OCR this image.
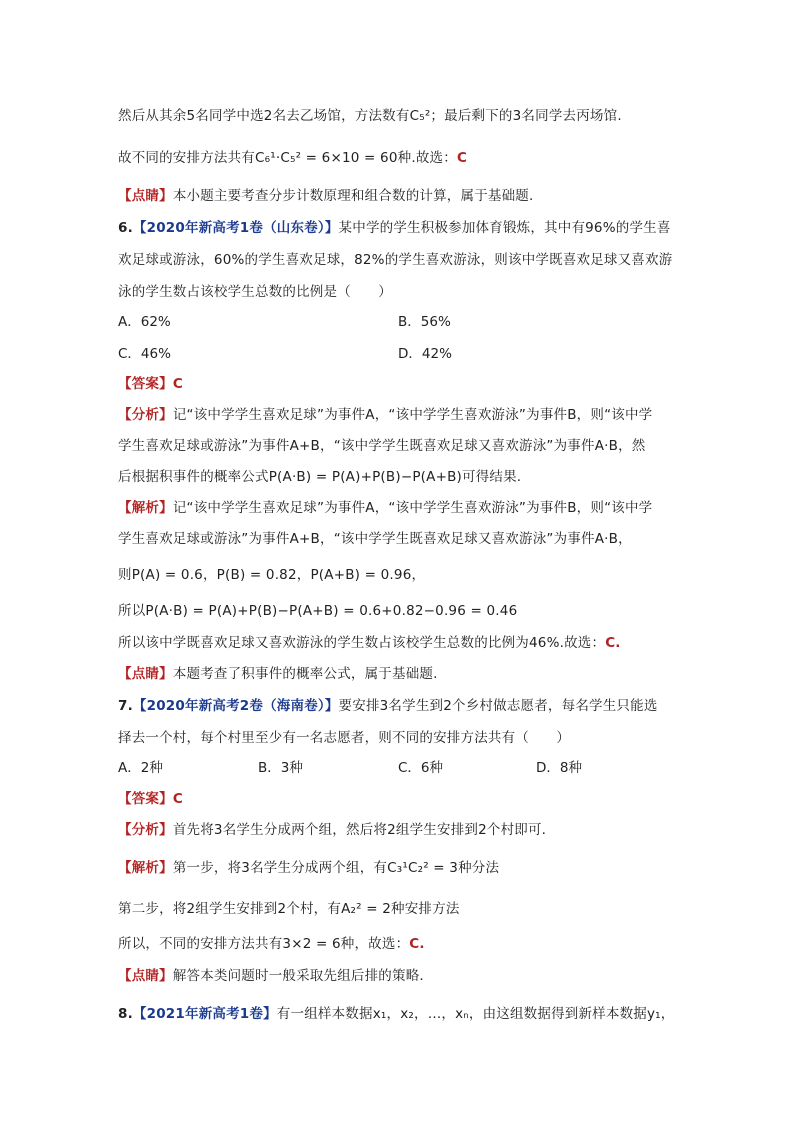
然后从其余5名同学中选2名去乙场馆，方法数有C₅²；最后剩下的3名同学去丙场馆.
故不同的安排方法共有C₆¹·C₅² = 6×10 = 60种.故选：C
【点睛】本小题主要考查分步计数原理和组合数的计算，属于基础题.
6.【2020年新高考1卷（山东卷）】某中学的学生积极参加体育锻炼，其中有96%的学生喜
欢足球或游泳，60%的学生喜欢足球，82%的学生喜欢游泳，则该中学既喜欢足球又喜欢游
泳的学生数占该校学生总数的比例是（　　）
A．62%	B．56%
C．46%	D．42%
【答案】C
【分析】记“该中学学生喜欢足球”为事件A，“该中学学生喜欢游泳”为事件B，则“该中学
学生喜欢足球或游泳”为事件A+B，“该中学学生既喜欢足球又喜欢游泳”为事件A·B，然
后根据积事件的概率公式P(A·B) = P(A)+P(B)−P(A+B)可得结果.
【解析】记“该中学学生喜欢足球”为事件A，“该中学学生喜欢游泳”为事件B，则“该中学
学生喜欢足球或游泳”为事件A+B，“该中学学生既喜欢足球又喜欢游泳”为事件A·B，
则P(A) = 0.6，P(B) = 0.82，P(A+B) = 0.96，
所以P(A·B) = P(A)+P(B)−P(A+B) = 0.6+0.82−0.96 = 0.46
所以该中学既喜欢足球又喜欢游泳的学生数占该校学生总数的比例为46%.故选：C.
【点睛】本题考查了积事件的概率公式，属于基础题.
7.【2020年新高考2卷（海南卷）】要安排3名学生到2个乡村做志愿者，每名学生只能选
择去一个村，每个村里至少有一名志愿者，则不同的安排方法共有（　　）
A．2种	B．3种	C．6种	D．8种
【答案】C
【分析】首先将3名学生分成两个组，然后将2组学生安排到2个村即可.
【解析】第一步，将3名学生分成两个组，有C₃¹C₂² = 3种分法
第二步，将2组学生安排到2个村，有A₂² = 2种安排方法
所以，不同的安排方法共有3×2 = 6种，故选：C.
【点睛】解答本类问题时一般采取先组后排的策略.
8.【2021年新高考1卷】有一组样本数据x₁，x₂，…，xₙ，由这组数据得到新样本数据y₁，
